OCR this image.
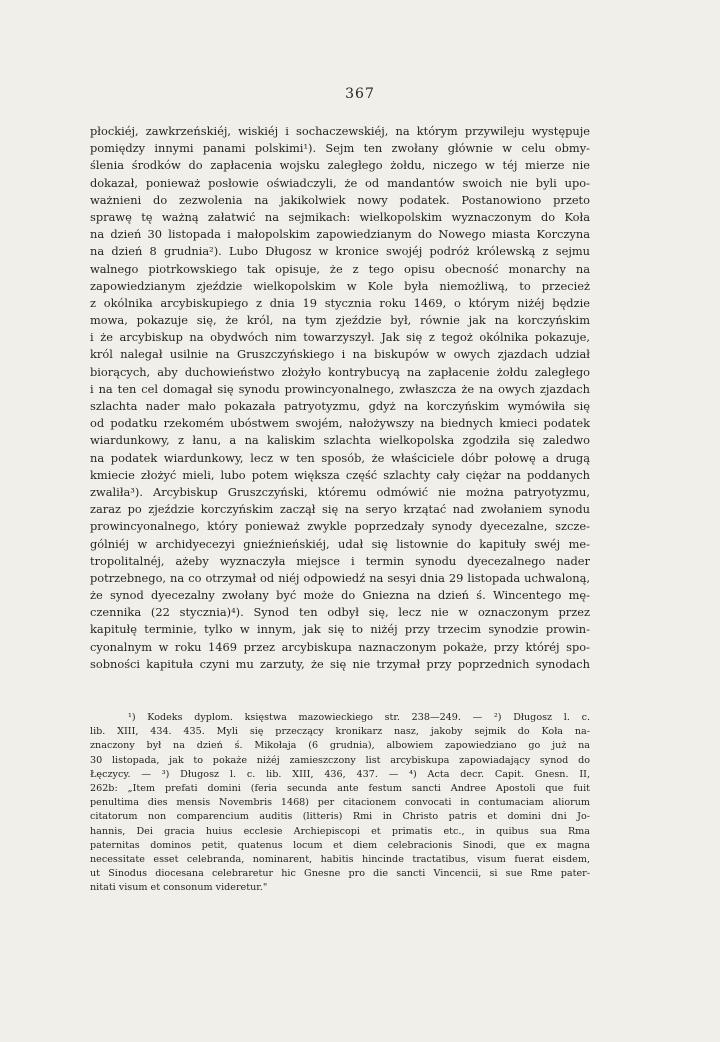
367
płockiéj, zawkrzeńskiéj, wiskiéj i sochaczewskiéj, na którym przywileju występuje
pomiędzy innymi panami polskimi¹). Sejm ten zwołany głównie w celu obmy-
ślenia środków do zapłacenia wojsku zaległego żołdu, niczego w téj mierze nie
dokazał, ponieważ posłowie oświadczyli, że od mandantów swoich nie byli upo-
ważnieni do zezwolenia na jakikolwiek nowy podatek. Postanowiono przeto
sprawę tę ważną załatwić na sejmikach: wielkopolskim wyznaczonym do Koła
na dzień 30 listopada i małopolskim zapowiedzianym do Nowego miasta Korczyna
na dzień 8 grudnia²). Lubo Długosz w kronice swojéj podróż królewską z sejmu
walnego piotrkowskiego tak opisuje, że z tego opisu obecność monarchy na
zapowiedzianym zjeździe wielkopolskim w Kole była niemożliwą, to przecież
z okólnika arcybiskupiego z dnia 19 stycznia roku 1469, o którym niżéj będzie
mowa, pokazuje się, że król, na tym zjeździe był, równie jak na korczyńskim
i że arcybiskup na obydwóch nim towarzyszył. Jak się z tegoż okólnika pokazuje,
król nalegał usilnie na Gruszczyńskiego i na biskupów w owych zjazdach udział
biorących, aby duchowieństwo złożyło kontrybucyą na zapłacenie żołdu zaległego
i na ten cel domagał się synodu prowincyonalnego, zwłaszcza że na owych zjazdach
szlachta nader mało pokazała patryotyzmu, gdyż na korczyńskim wymówiła się
od podatku rzekomém ubóstwem swojém, nałożywszy na biednych kmieci podatek
wiardunkowy, z łanu, a na kaliskim szlachta wielkopolska zgodziła się zaledwo
na podatek wiardunkowy, lecz w ten sposób, że właściciele dóbr połowę a drugą
kmiecie złożyć mieli, lubo potem większa część szlachty cały ciężar na poddanych
zwaliła³). Arcybiskup Gruszczyński, któremu odmówić nie można patryotyzmu,
zaraz po zjeździe korczyńskim zaczął się na seryo krzątać nad zwołaniem synodu
prowincyonalnego, który ponieważ zwykle poprzedzały synody dyecezalne, szcze-
gólniéj w archidyecezyi gnieźnieńskiéj, udał się listownie do kapituły swéj me-
tropolitalnéj, ażeby wyznaczyła miejsce i termin synodu dyecezalnego nader
potrzebnego, na co otrzymał od niéj odpowiedź na sesyi dnia 29 listopada uchwaloną,
że synod dyecezalny zwołany być może do Gniezna na dzień ś. Wincentego mę-
czennika (22 stycznia)⁴). Synod ten odbył się, lecz nie w oznaczonym przez
kapitułę terminie, tylko w innym, jak się to niżéj przy trzecim synodzie prowin-
cyonalnym w roku 1469 przez arcybiskupa naznaczonym pokaże, przy któréj spo-
sobności kapituła czyni mu zarzuty, że się nie trzymał przy poprzednich synodach
¹) Kodeks dyplom. księstwa mazowieckiego str. 238—249. — ²) Długosz l. c.
lib. XIII, 434. 435. Myli się przeczący kronikarz nasz, jakoby sejmik do Koła na-
znaczony był na dzień ś. Mikołaja (6 grudnia), albowiem zapowiedziano go już na
30 listopada, jak to pokaże niżéj zamieszczony list arcybiskupa zapowiadający synod do
Łęczycy. — ³) Długosz l. c. lib. XIII, 436, 437. — ⁴) Acta decr. Capit. Gnesn. II,
262b: „Item prefati domini (feria secunda ante festum sancti Andree Apostoli que fuit
penultima dies mensis Novembris 1468) per citacionem convocati in contumaciam aliorum
citatorum non comparencium auditis (litteris) Rmi in Christo patris et domini dni Jo-
hannis, Dei gracia huius ecclesie Archiepiscopi et primatis etc., in quibus sua Rma
paternitas dominos petit, quatenus locum et diem celebracionis Sinodi, que ex magna
necessitate esset celebranda, nominarent, habitis hincinde tractatibus, visum fuerat eisdem,
ut Sinodus diocesana celebraretur hic Gnesne pro die sancti Vincencii, si sue Rme pater-
nitati visum et consonum videretur."
